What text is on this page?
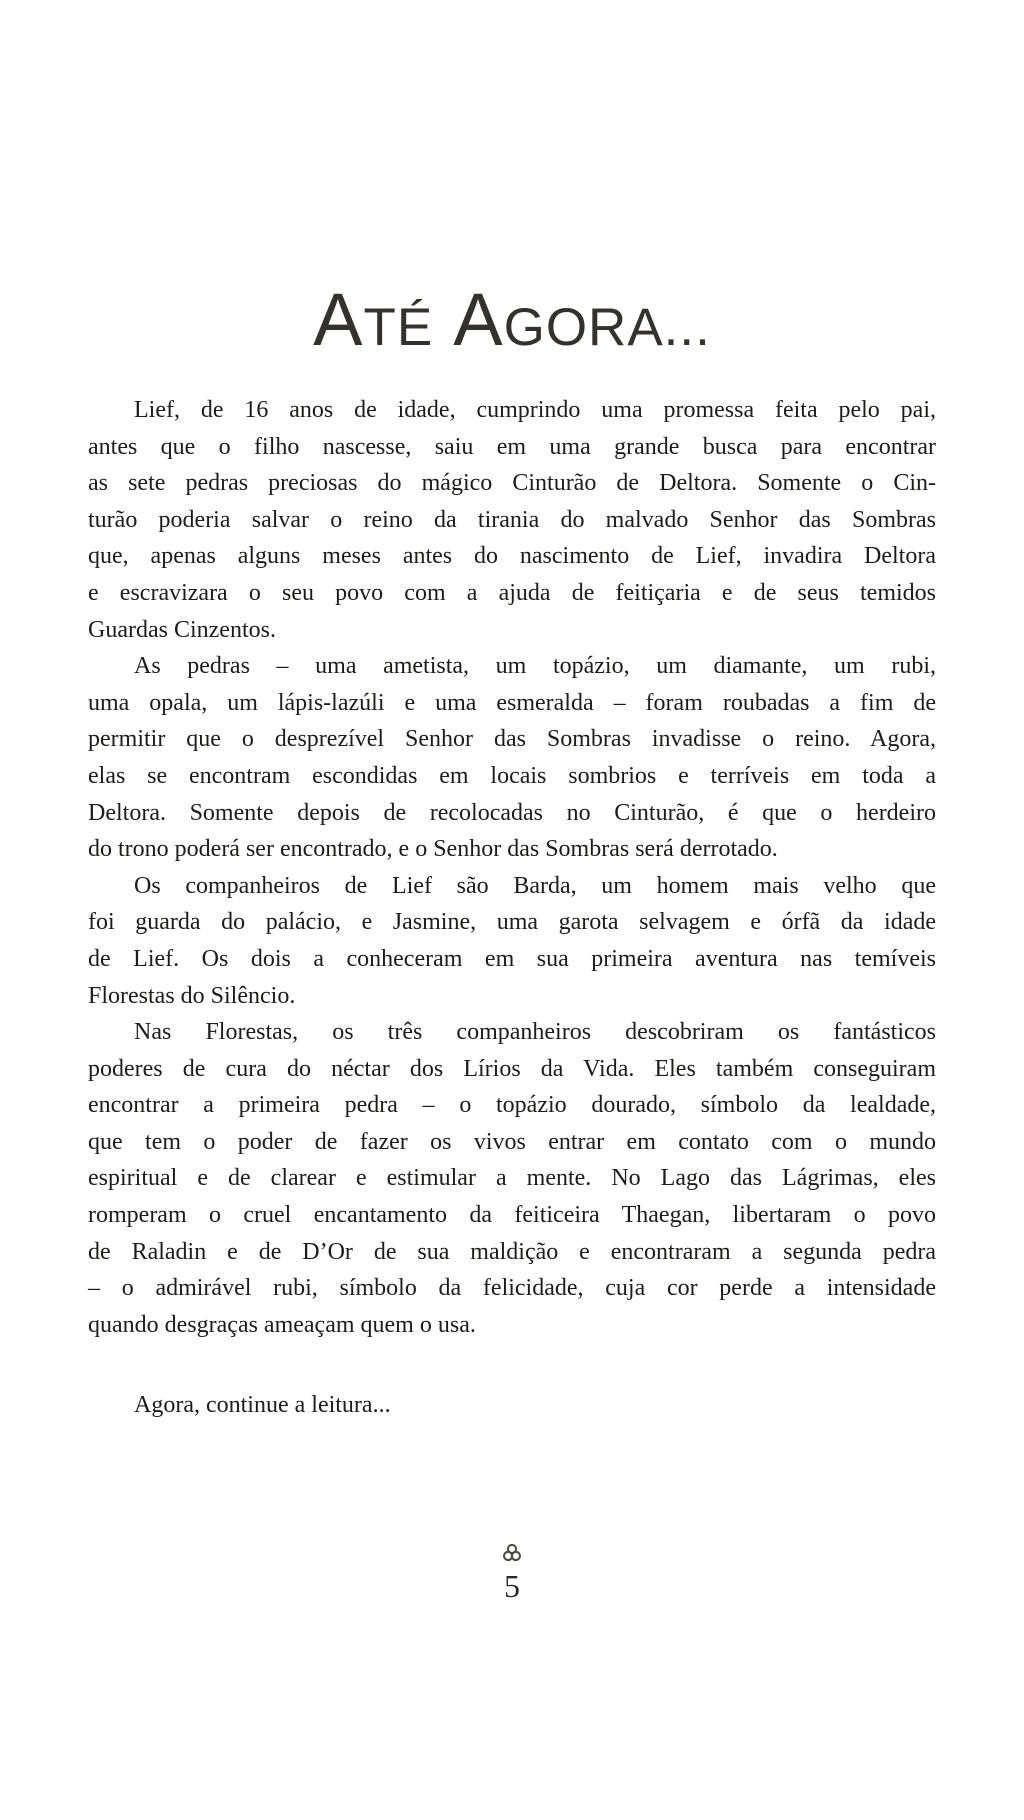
ATÉ AGORA...
Lief, de 16 anos de idade, cumprindo uma promessa feita pelo pai,
antes que o filho nascesse, saiu em uma grande busca para encontrar
as sete pedras preciosas do mágico Cinturão de Deltora. Somente o Cin-
turão poderia salvar o reino da tirania do malvado Senhor das Sombras
que, apenas alguns meses antes do nascimento de Lief, invadira Deltora
e escravizara o seu povo com a ajuda de feitiçaria e de seus temidos
Guardas Cinzentos.
As pedras – uma ametista, um topázio, um diamante, um rubi,
uma opala, um lápis-lazúli e uma esmeralda – foram roubadas a fim de
permitir que o desprezível Senhor das Sombras invadisse o reino. Agora,
elas se encontram escondidas em locais sombrios e terríveis em toda a
Deltora. Somente depois de recolocadas no Cinturão, é que o herdeiro
do trono poderá ser encontrado, e o Senhor das Sombras será derrotado.
Os companheiros de Lief são Barda, um homem mais velho que
foi guarda do palácio, e Jasmine, uma garota selvagem e órfã da idade
de Lief. Os dois a conheceram em sua primeira aventura nas temíveis
Florestas do Silêncio.
Nas Florestas, os três companheiros descobriram os fantásticos
poderes de cura do néctar dos Lírios da Vida. Eles também conseguiram
encontrar a primeira pedra – o topázio dourado, símbolo da lealdade,
que tem o poder de fazer os vivos entrar em contato com o mundo
espiritual e de clarear e estimular a mente. No Lago das Lágrimas, eles
romperam o cruel encantamento da feiticeira Thaegan, libertaram o povo
de Raladin e de D’Or de sua maldição e encontraram a segunda pedra
– o admirável rubi, símbolo da felicidade, cuja cor perde a intensidade
quando desgraças ameaçam quem o usa.
Agora, continue a leitura...
5
